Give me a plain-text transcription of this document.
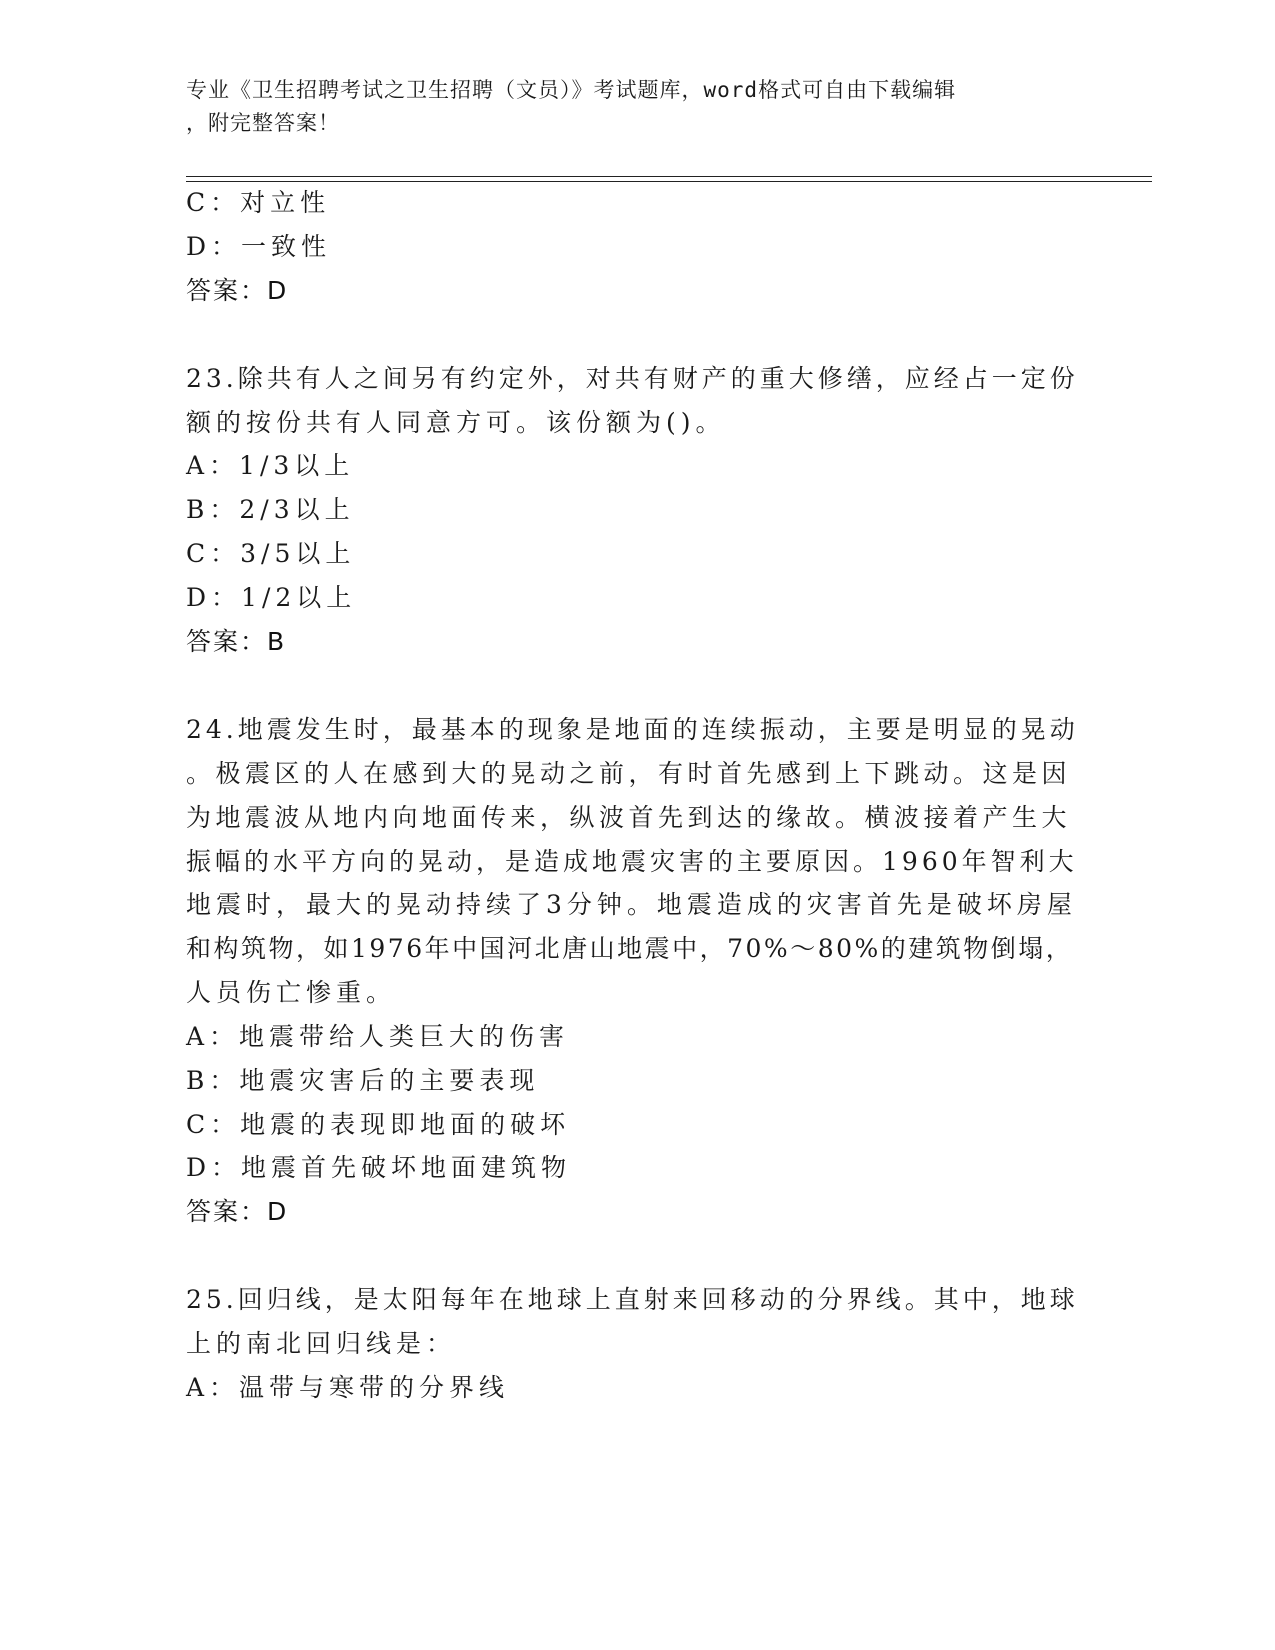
专业《卫生招聘考试之卫生招聘（文员）》考试题库，word格式可自由下载编辑
，附完整答案！
C：对立性
D：一致性
答案：D
23.除共有人之间另有约定外，对共有财产的重大修缮，应经占一定份
额的按份共有人同意方可。该份额为()。
A：1/3以上
B：2/3以上
C：3/5以上
D：1/2以上
答案：B
24.地震发生时，最基本的现象是地面的连续振动，主要是明显的晃动
。极震区的人在感到大的晃动之前，有时首先感到上下跳动。这是因
为地震波从地内向地面传来，纵波首先到达的缘故。横波接着产生大
振幅的水平方向的晃动，是造成地震灾害的主要原因。1960年智利大
地震时，最大的晃动持续了3分钟。地震造成的灾害首先是破坏房屋
和构筑物，如1976年中国河北唐山地震中，70%～80%的建筑物倒塌，
人员伤亡惨重。
A：地震带给人类巨大的伤害
B：地震灾害后的主要表现
C：地震的表现即地面的破坏
D：地震首先破坏地面建筑物
答案：D
25.回归线，是太阳每年在地球上直射来回移动的分界线。其中，地球
上的南北回归线是：
A：温带与寒带的分界线
